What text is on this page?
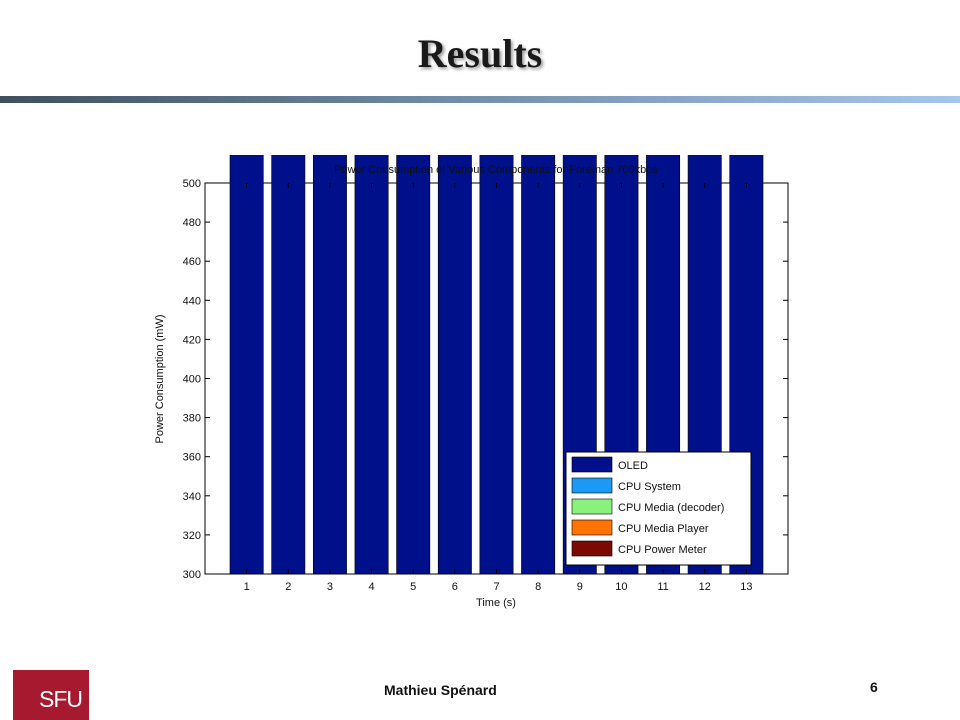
Results
1	2	3	4	5	6	7	8	9	10	11	12	13
300
320
340
360
380
400
420
440
460
480
500
Power Consumption of Various Components for Foreman 700kbps
Time (s)
Power Consumption (mW)
OLED
CPU System
CPU Media (decoder)
CPU Media Player
CPU Power Meter
Mathieu Spénard	6
SFU
